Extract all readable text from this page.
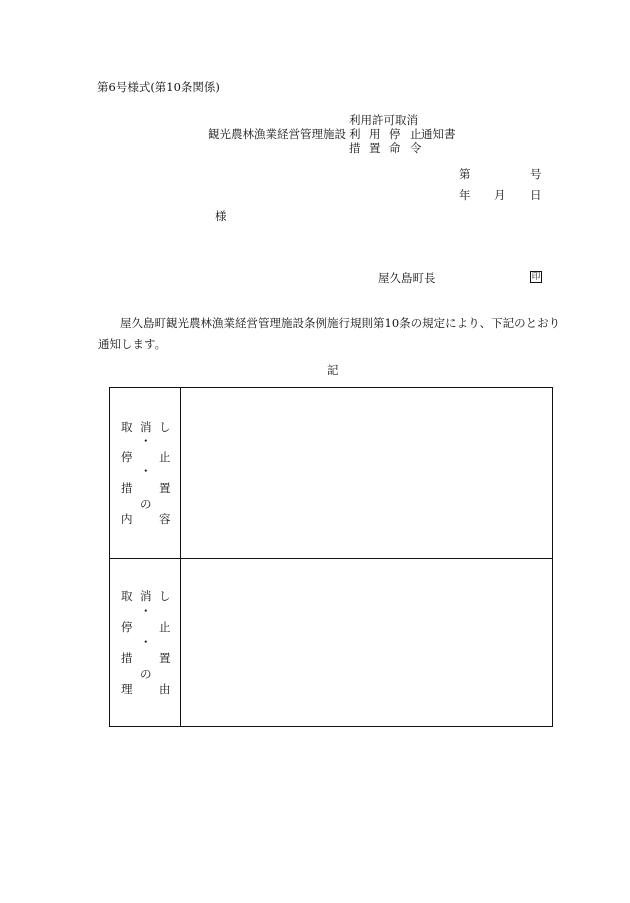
第6号様式(第10条関係)
利用許可取消
観光農林漁業経営管理施設 利 用 停 止 通知書
措 置 命 令
第	号
年 月 日
様
屋久島町長	印
屋久島町観光農林漁業経営管理施設条例施行規則第10条の規定により、下記のとおり
通知します。
記
取 消 し
・
停 止
・
措 置
の
内 容
取 消 し
・
停 止
・
措 置
の
理 由
